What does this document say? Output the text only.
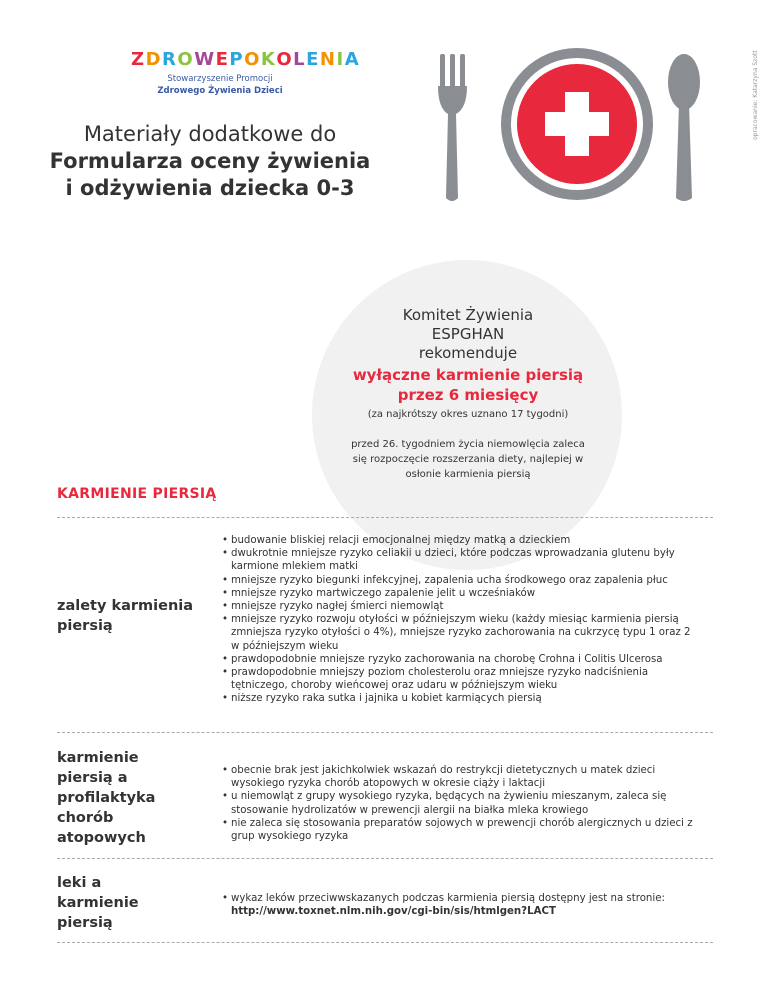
ZDROWEPOKOLENIA
Stowarzyszenie Promocji
Zdrowego Żywienia Dzieci
Materiały dodatkowe do
Formularza oceny żywienia
i odżywienia dziecka 0-3
opracowanie: Katarzyna Szott
Komitet Żywienia
ESPGHAN
rekomenduje
wyłączne karmienie piersią
przez 6 miesięcy
(za najkrótszy okres uznano 17 tygodni)
przed 26. tygodniem życia niemowlęcia zaleca się rozpoczęcie rozszerzania diety, najlepiej w osłonie karmienia piersią
KARMIENIE PIERSIĄ
zalety karmienia piersią
• budowanie bliskiej relacji emocjonalnej między matką a dzieckiem
• dwukrotnie mniejsze ryzyko celiakii u dzieci, które podczas wprowadzania glutenu były karmione mlekiem matki
• mniejsze ryzyko biegunki infekcyjnej, zapalenia ucha środkowego oraz zapalenia płuc
• mniejsze ryzyko martwiczego zapalenie jelit u wcześniaków
• mniejsze ryzyko nagłej śmierci niemowląt
• mniejsze ryzyko rozwoju otyłości w późniejszym wieku (każdy miesiąc karmienia piersią zmniejsza ryzyko otyłości o 4%), mniejsze ryzyko zachorowania na cukrzycę typu 1 oraz 2 w późniejszym wieku
• prawdopodobnie mniejsze ryzyko zachorowania na chorobę Crohna i Colitis Ulcerosa
• prawdopodobnie mniejszy poziom cholesterolu oraz mniejsze ryzyko nadciśnienia tętniczego, choroby wieńcowej oraz udaru w późniejszym wieku
• niższe ryzyko raka sutka i jajnika u kobiet karmiących piersią
karmienie piersią a profilaktyka chorób atopowych
• obecnie brak jest jakichkolwiek wskazań do restrykcji dietetycznych u matek dzieci wysokiego ryzyka chorób atopowych w okresie ciąży i laktacji
• u niemowląt z grupy wysokiego ryzyka, będących na żywieniu mieszanym, zaleca się stosowanie hydrolizatów w prewencji alergii na białka mleka krowiego
• nie zaleca się stosowania preparatów sojowych w prewencji chorób alergicznych u dzieci z grup wysokiego ryzyka
leki a karmienie piersią
• wykaz leków przeciwwskazanych podczas karmienia piersią dostępny jest na stronie:
http://www.toxnet.nlm.nih.gov/cgi-bin/sis/htmlgen?LACT
